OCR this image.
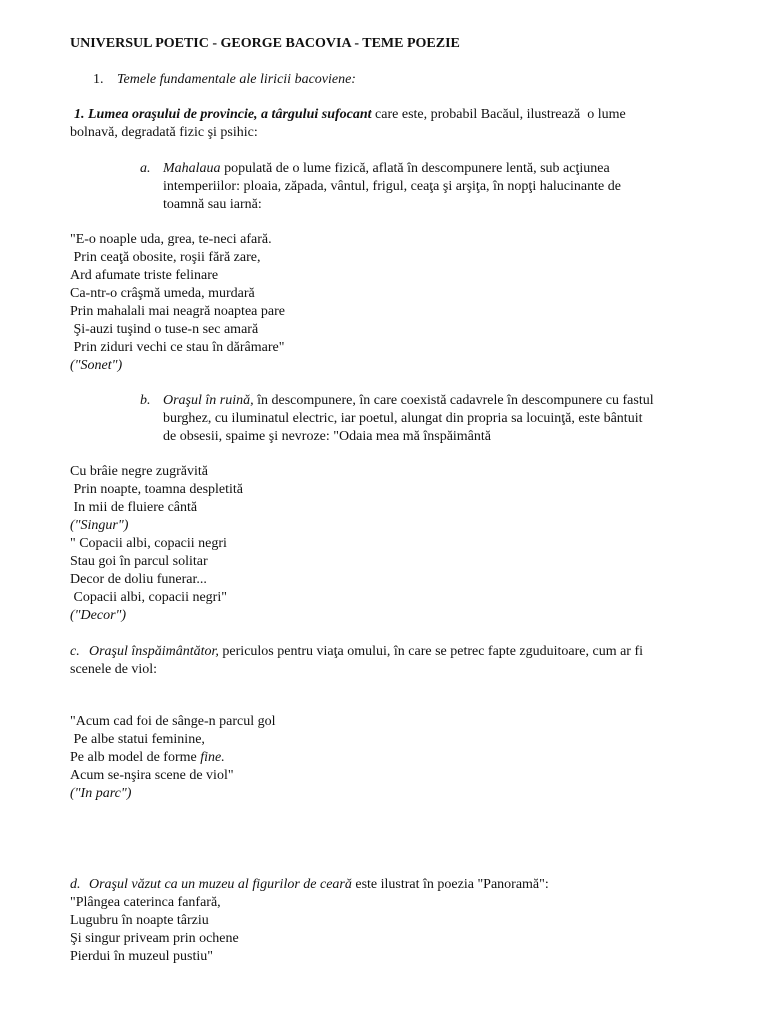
UNIVERSUL POETIC - GEORGE BACOVIA - TEME POEZIE
1. Temele fundamentale ale liricii bacoviene:
1. Lumea oraşului de provincie, a târgului sufocant care este, probabil Bacăul, ilustrează  o lume
bolnavă, degradată fizic şi psihic:
a. Mahalaua populată de o lume fizică, aflată în descompunere lentă, sub acţiunea
intemperiilor: ploaia, zăpada, vântul, frigul, ceaţa şi arşiţa, în nopţi halucinante de
toamnă sau iarnă:
"E-o noaple uda, grea, te-neci afară.
Prin ceaţă obosite, roşii fără zare,
Ard afumate triste felinare
Ca-ntr-o crâşmă umeda, murdară
Prin mahalali mai neagră noaptea pare
Şi-auzi tuşind o tuse-n sec amară
Prin ziduri vechi ce stau în dărâmare"
("Sonet")
b. Oraşul în ruină, în descompunere, în care coexistă cadavrele în descompunere cu fastul
burghez, cu iluminatul electric, iar poetul, alungat din propria sa locuinţă, este bântuit
de obsesii, spaime şi nevroze: "Odaia mea mă înspăimântă
Cu brâie negre zugrăvită
Prin noapte, toamna despletită
In mii de fluiere cântă
("Singur")
" Copacii albi, copacii negri
Stau goi în parcul solitar
Decor de doliu funerar...
Copacii albi, copacii negri"
("Decor")
c. Oraşul înspăimântător, periculos pentru viaţa omului, în care se petrec fapte zguduitoare, cum ar fi
scenele de viol:
"Acum cad foi de sânge-n parcul gol
Pe albe statui feminine,
Pe alb model de forme fine.
Acum se-nşira scene de viol"
("In parc")
d. Oraşul văzut ca un muzeu al figurilor de ceară este ilustrat în poezia "Panoramă":
"Plângea caterinca fanfară,
Lugubru în noapte târziu
Şi singur priveam prin ochene
Pierdui în muzeul pustiu"
